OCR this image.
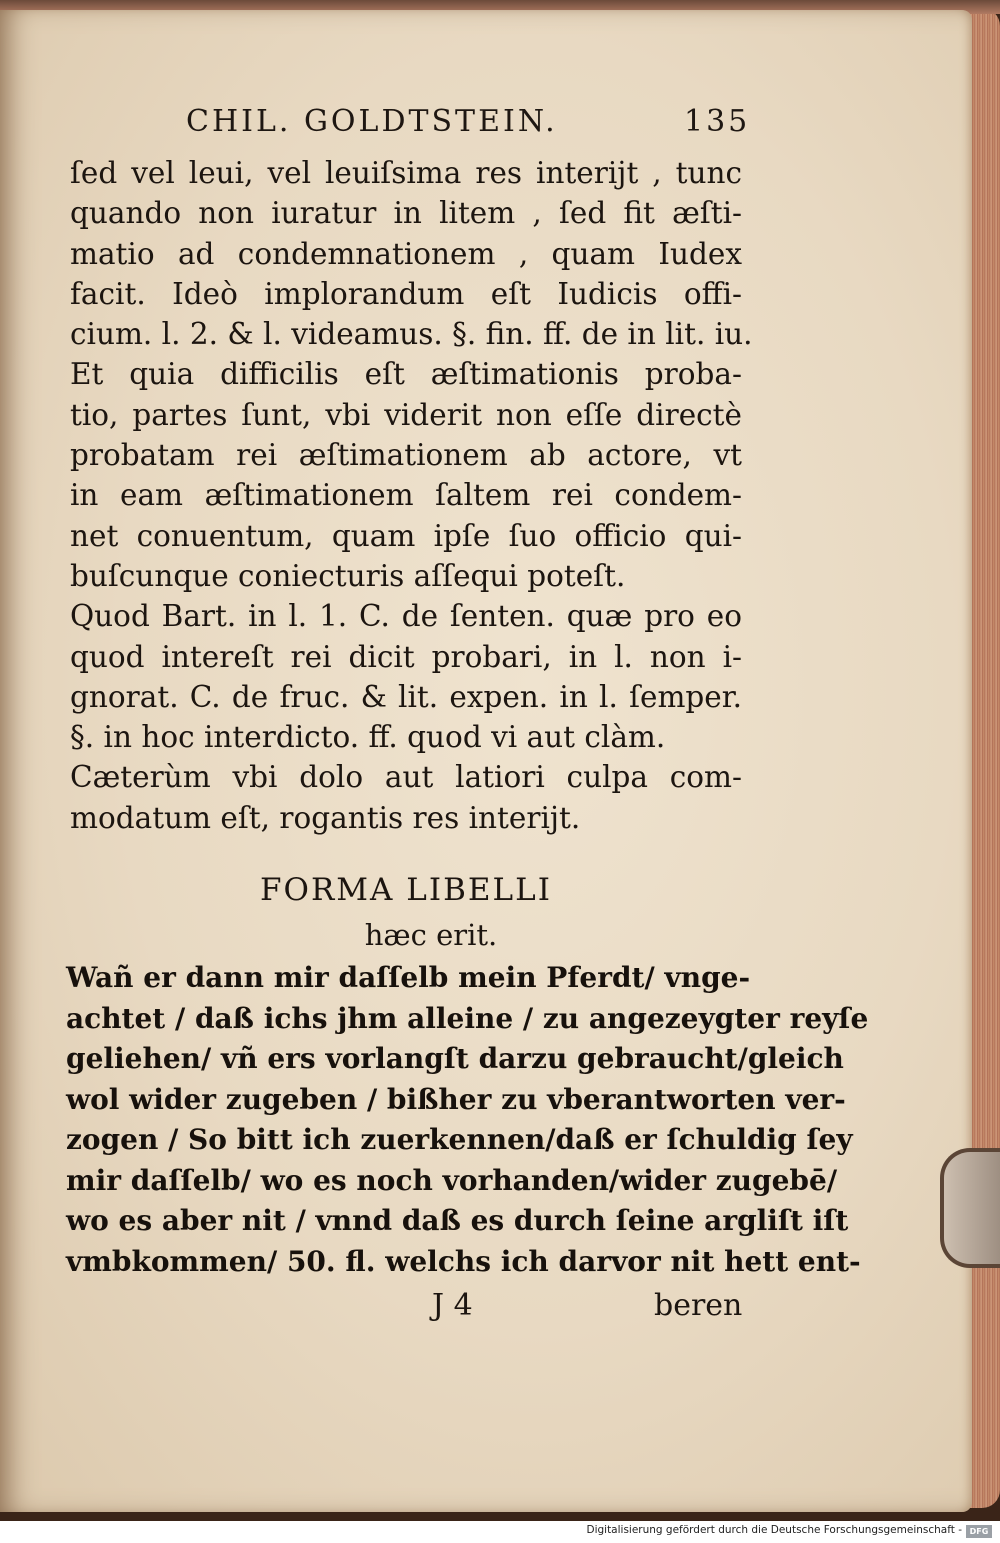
CHIL. GOLDTSTEIN.	135
ſed vel leui, vel leuiſsima res interijt , tunc
quando non iuratur in litem , ſed fit æſti-
matio ad condemnationem , quam Iudex
facit. Ideò implorandum eſt Iudicis offi-
cium. l. 2. & l. videamus. §. fin. ff. de in lit. iu.
Et quia difficilis eſt æſtimationis proba-
tio, partes ſunt, vbi viderit non eſſe directè
probatam rei æſtimationem ab actore, vt
in eam æſtimationem ſaltem rei condem-
net conuentum, quam ipſe ſuo officio qui-
buſcunque coniecturis aſſequi poteſt.
Quod Bart. in l. 1. C. de ſenten. quæ pro eo
quod intereſt rei dicit probari, in l. non i-
gnorat. C. de fruc. & lit. expen. in l. ſemper.
§. in hoc interdicto. ff. quod vi aut clàm.
Cæterùm vbi dolo aut latiori culpa com-
modatum eſt, rogantis res interijt.
FORMA LIBELLI
hæc erit.
Wañ er dann mir daſſelb mein Pferdt/ vnge-
achtet / daß ichs jhm alleine / zu angezeygter reyſe
geliehen/ vñ ers vorlangſt darzu gebraucht/gleich
wol wider zugeben / bißher zu vberantworten ver-
zogen / So bitt ich zuerkennen/daß er ſchuldig ſey
mir daſſelb/ wo es noch vorhanden/wider zugebē/
wo es aber nit / vnnd daß es durch ſeine argliſt iſt
vmbkommen/ 50. fl. welchs ich darvor nit hett ent-
J 4	beren
Digitalisierung gefördert durch die Deutsche Forschungsgemeinschaft - DFG
